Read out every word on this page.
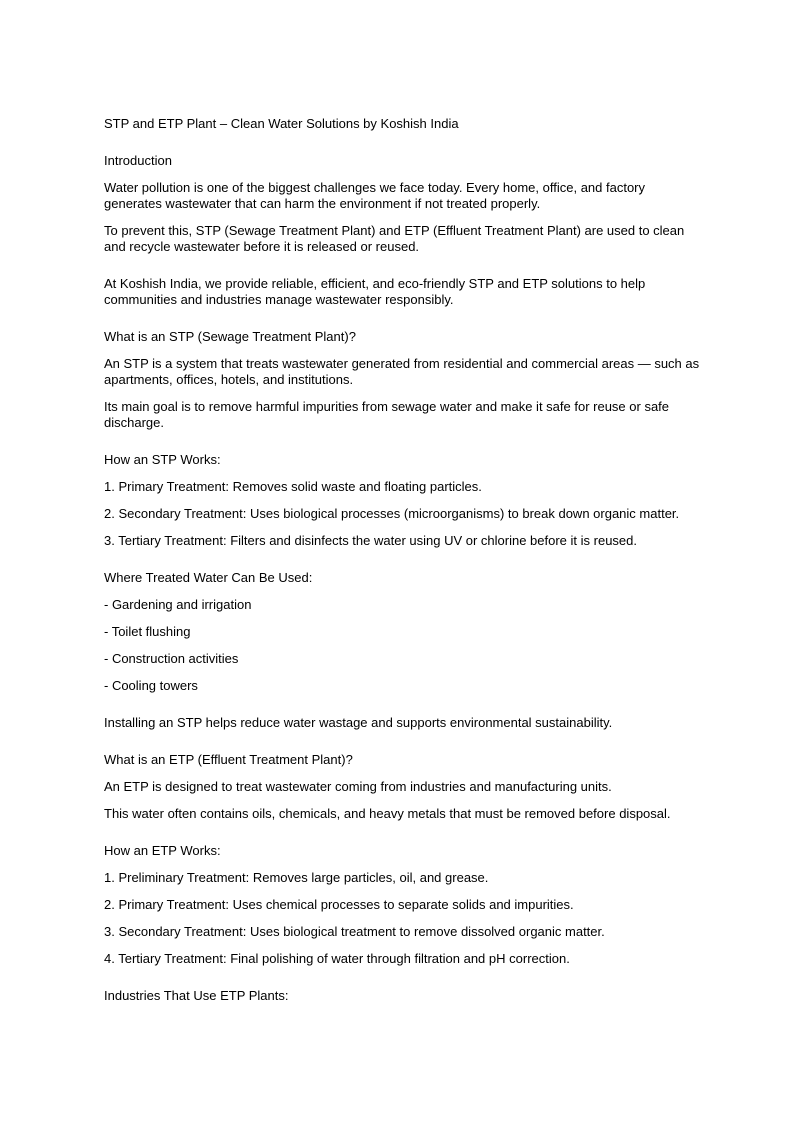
STP and ETP Plant – Clean Water Solutions by Koshish India

Introduction

Water pollution is one of the biggest challenges we face today. Every home, office, and factory generates wastewater that can harm the environment if not treated properly.

To prevent this, STP (Sewage Treatment Plant) and ETP (Effluent Treatment Plant) are used to clean and recycle wastewater before it is released or reused.

At Koshish India, we provide reliable, efficient, and eco-friendly STP and ETP solutions to help communities and industries manage wastewater responsibly.

What is an STP (Sewage Treatment Plant)?

An STP is a system that treats wastewater generated from residential and commercial areas — such as apartments, offices, hotels, and institutions.

Its main goal is to remove harmful impurities from sewage water and make it safe for reuse or safe discharge.

How an STP Works:

1. Primary Treatment: Removes solid waste and floating particles.

2. Secondary Treatment: Uses biological processes (microorganisms) to break down organic matter.

3. Tertiary Treatment: Filters and disinfects the water using UV or chlorine before it is reused.

Where Treated Water Can Be Used:

- Gardening and irrigation

- Toilet flushing

- Construction activities

- Cooling towers

Installing an STP helps reduce water wastage and supports environmental sustainability.

What is an ETP (Effluent Treatment Plant)?

An ETP is designed to treat wastewater coming from industries and manufacturing units.

This water often contains oils, chemicals, and heavy metals that must be removed before disposal.

How an ETP Works:

1. Preliminary Treatment: Removes large particles, oil, and grease.

2. Primary Treatment: Uses chemical processes to separate solids and impurities.

3. Secondary Treatment: Uses biological treatment to remove dissolved organic matter.

4. Tertiary Treatment: Final polishing of water through filtration and pH correction.

Industries That Use ETP Plants:
